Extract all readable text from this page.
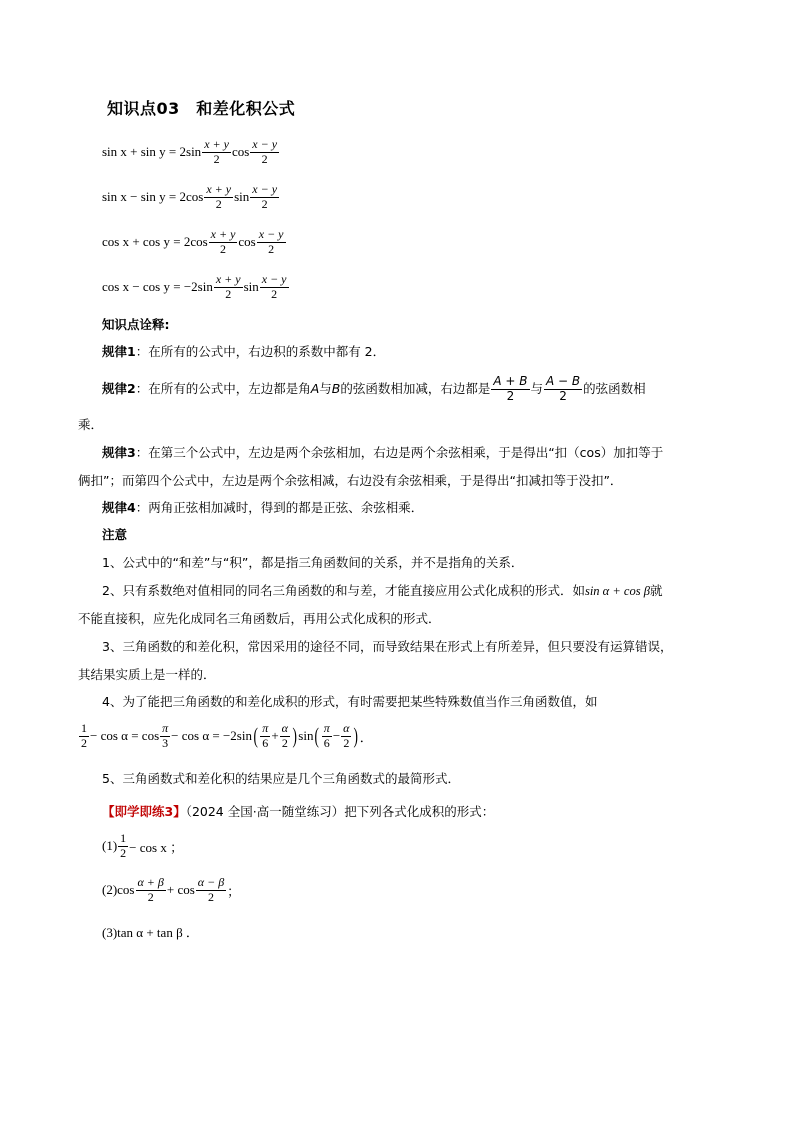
知识点03　和差化积公式
$\sin x + \sin y = 2\sin \frac{x + y}{2}$ $\cos \frac{x - y}{2}$
$\sin x - \sin y = 2\cos \frac{x + y}{2}$ $\sin \frac{x - y}{2}$
$\cos x + \cos y = 2\cos \frac{x + y}{2}$ $\cos \frac{x - y}{2}$
$\cos x - \cos y = -2\sin \frac{x + y}{2}$ $\sin \frac{x - y}{2}$
知识点诠释:
规律1：在所有的公式中，右边积的系数中都有 2．
规律2 ：在所有的公式中，左边都是角 A 与 B 的弦函数相加减，右边都是 $\frac{A + B}{2}$ 与 $\frac{A - B}{2}$ 的弦函数相
乘．
规律3：在第三个公式中，左边是两个余弦相加，右边是两个余弦相乘，于是得出“扣（cos）加扣等于
俩扣”；而第四个公式中，左边是两个余弦相减，右边没有余弦相乘，于是得出“扣减扣等于没扣”．
规律4：两角正弦相加减时，得到的都是正弦、余弦相乘．
注意
1、公式中的“和差”与“积”，都是指三角函数间的关系，并不是指角的关系．
2、只有系数绝对值相同的同名三角函数的和与差，才能直接应用公式化成积的形式．如sin α + cos β就
不能直接积，应先化成同名三角函数后，再用公式化成积的形式．
3、三角函数的和差化积，常因采用的途径不同，而导致结果在形式上有所差异，但只要没有运算错误，
其结果实质上是一样的．
4、为了能把三角函数的和差化成积的形式，有时需要把某些特殊数值当作三角函数值，如
$\frac{1}{2} - \cos \alpha = \cos \frac{\pi}{3} - \cos \alpha = -2\sin$ ( $\frac{\pi}{6} + \frac{\alpha}{2}$ ) sin ( $\frac{\pi}{6} - \frac{\alpha}{2}$ ) ．
5、三角函数式和差化积的结果应是几个三角函数式的最简形式．
【即学即练3】（2024 全国·高一随堂练习）把下列各式化成积的形式：
$(1) \frac{1}{2} - \cos x$ ；
$(2)\cos \frac{\alpha + \beta}{2} + \cos \frac{\alpha - \beta}{2}$ ；
(3)tan α + tan β ．
